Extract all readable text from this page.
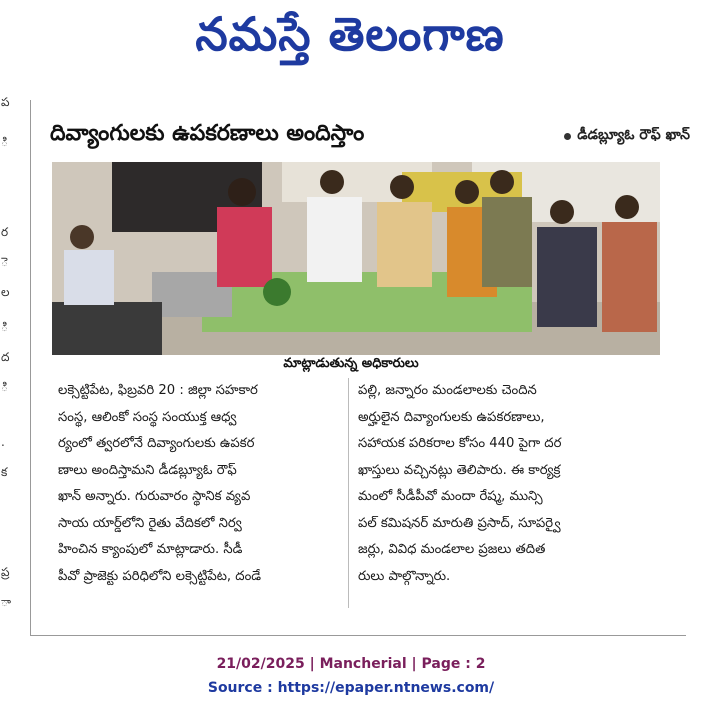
నమస్తే తెలంగాణ
ప
ి
ర
ె
ల
ి
ద
ి
.
క
ప్ర
ా
దివ్యాంగులకు ఉపకరణాలు అందిస్తాం	డీడబ్ల్యూఓ రౌఫ్ ఖాన్
మాట్లాడుతున్న అధికారులు
లక్సెట్టిపేట, ఫిబ్రవరి 20 : జిల్లా సహకార
సంస్థ, ఆలింకో సంస్థ సంయుక్త ఆధ్వ
ర్యంలో త్వరలోనే దివ్యాంగులకు ఉపకర
ణాలు అందిస్తామని డీడబ్ల్యూఓ రౌఫ్
ఖాన్ అన్నారు. గురువారం స్థానిక వ్యవ
సాయ యార్డ్‌లోని రైతు వేదికలో నిర్వ
హించిన క్యాంపులో మాట్లాడారు. సీడీ
పీవో ప్రాజెక్టు పరిధిలోని లక్సెట్టిపేట, దండే
పల్లి, జన్నారం మండలాలకు చెందిన
అర్హులైన దివ్యాంగులకు ఉపకరణాలు,
సహాయక పరికరాల కోసం 440 పైగా దర
ఖాస్తులు వచ్చినట్లు తెలిపారు. ఈ కార్యక్ర
మంలో సీడీపీవో మందా రేష్మ, మున్సి
పల్ కమిషనర్ మారుతి ప్రసాద్, సూపర్వై
జర్లు, వివిధ మండలాల ప్రజలు తదిత
రులు పాల్గొన్నారు.
21/02/2025 | Mancherial | Page : 2
Source : https://epaper.ntnews.com/
